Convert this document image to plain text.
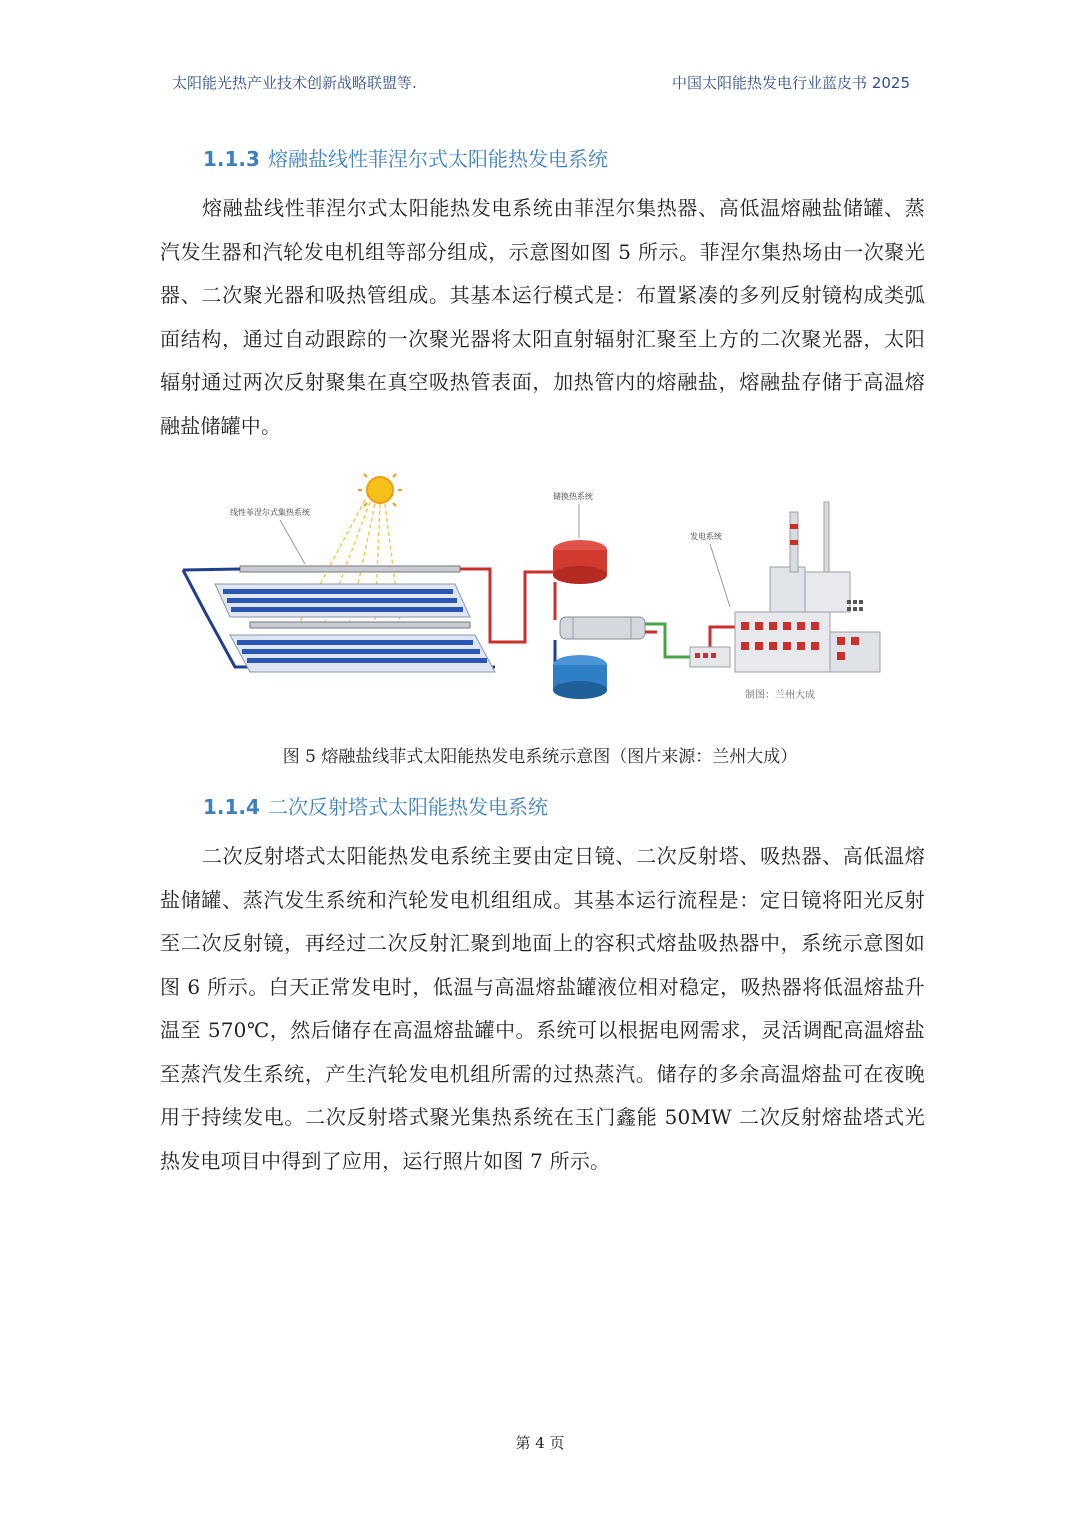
太阳能光热产业技术创新战略联盟等.	中国太阳能热发电行业蓝皮书 2025
1.1.3 熔融盐线性菲涅尔式太阳能热发电系统

熔融盐线性菲涅尔式太阳能热发电系统由菲涅尔集热器、高低温熔融盐储罐、蒸汽发生器和汽轮发电机组等部分组成，示意图如图 5 所示。菲涅尔集热场由一次聚光器、二次聚光器和吸热管组成。其基本运行模式是：布置紧凑的多列反射镜构成类弧面结构，通过自动跟踪的一次聚光器将太阳直射辐射汇聚至上方的二次聚光器，太阳辐射通过两次反射聚集在真空吸热管表面，加热管内的熔融盐，熔融盐存储于高温熔融盐储罐中。

线性菲涅尔式集热系统
储换热系统
发电系统
制图：兰州大成
图 5 熔融盐线菲式太阳能热发电系统示意图（图片来源：兰州大成）
1.1.4 二次反射塔式太阳能热发电系统

二次反射塔式太阳能热发电系统主要由定日镜、二次反射塔、吸热器、高低温熔盐储罐、蒸汽发生系统和汽轮发电机组组成。其基本运行流程是：定日镜将阳光反射至二次反射镜，再经过二次反射汇聚到地面上的容积式熔盐吸热器中，系统示意图如图 6 所示。白天正常发电时，低温与高温熔盐罐液位相对稳定，吸热器将低温熔盐升温至 570℃，然后储存在高温熔盐罐中。系统可以根据电网需求，灵活调配高温熔盐至蒸汽发生系统，产生汽轮发电机组所需的过热蒸汽。储存的多余高温熔盐可在夜晚用于持续发电。二次反射塔式聚光集热系统在玉门鑫能 50MW 二次反射熔盐塔式光热发电项目中得到了应用，运行照片如图 7 所示。

第 4 页
